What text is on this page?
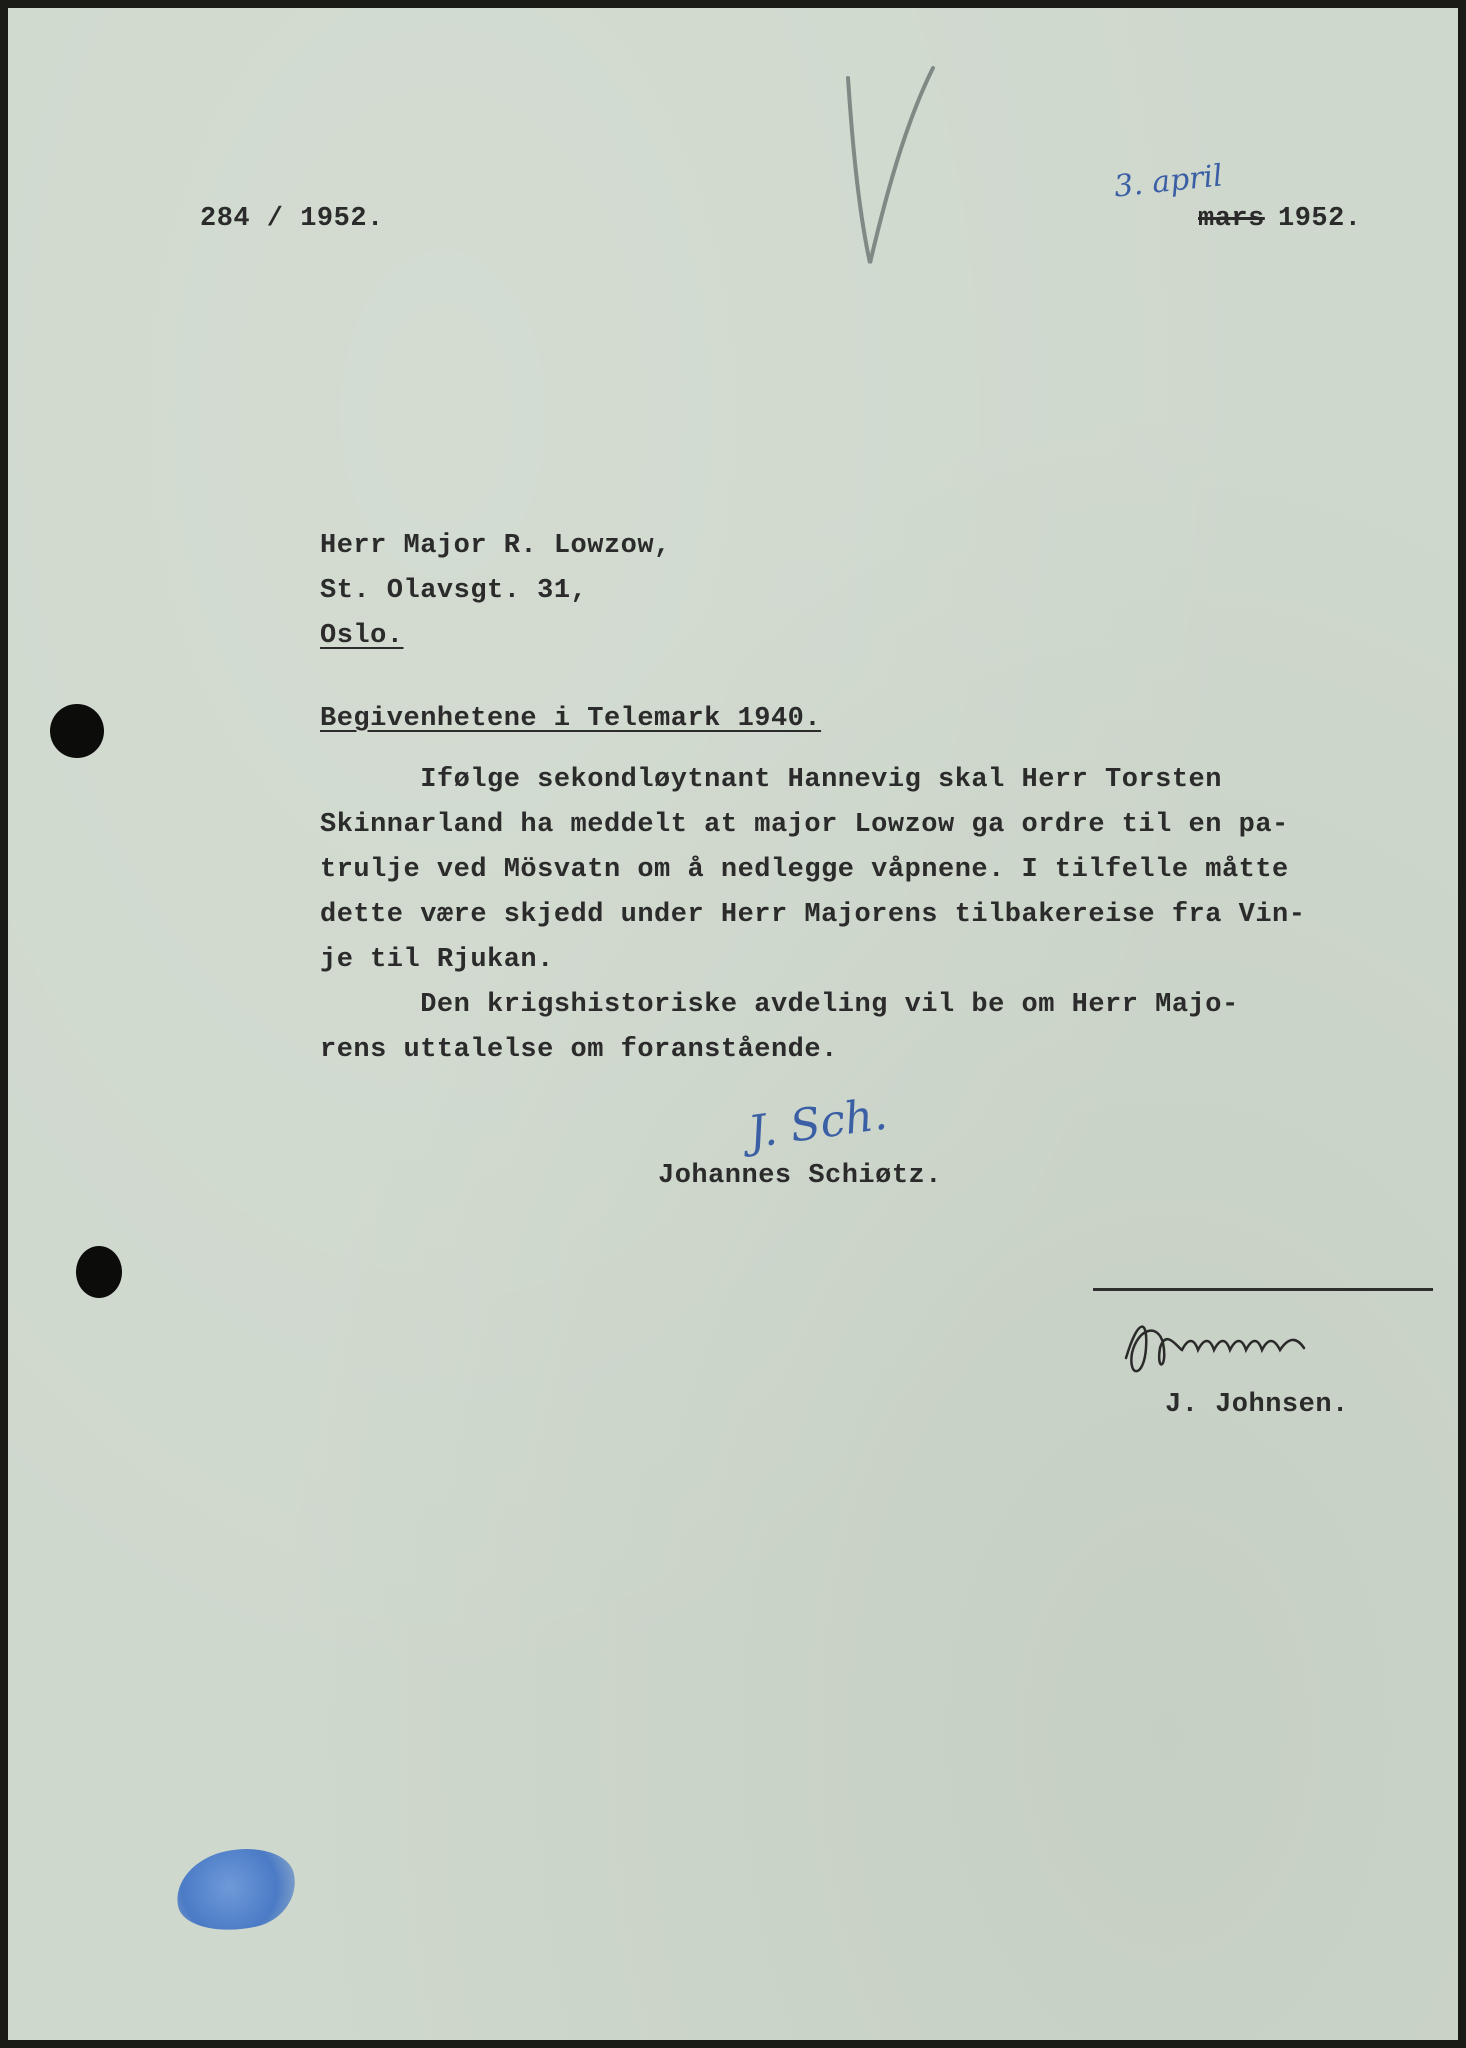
284 / 1952.
3. april
mars 1952.
Herr Major R. Lowzow,
St. Olavsgt. 31,
Oslo.
Begivenhetene i Telemark 1940.
Ifølge sekondløytnant Hannevig skal Herr Torsten
Skinnarland ha meddelt at major Lowzow ga ordre til en pa-
trulje ved Mösvatn om å nedlegge våpnene. I tilfelle måtte
dette være skjedd under Herr Majorens tilbakereise fra Vin-
je til Rjukan.
Den krigshistoriske avdeling vil be om Herr Majo-
rens uttalelse om foranstående.
J. Sch.
Johannes Schiøtz.
J. Johnsen.
